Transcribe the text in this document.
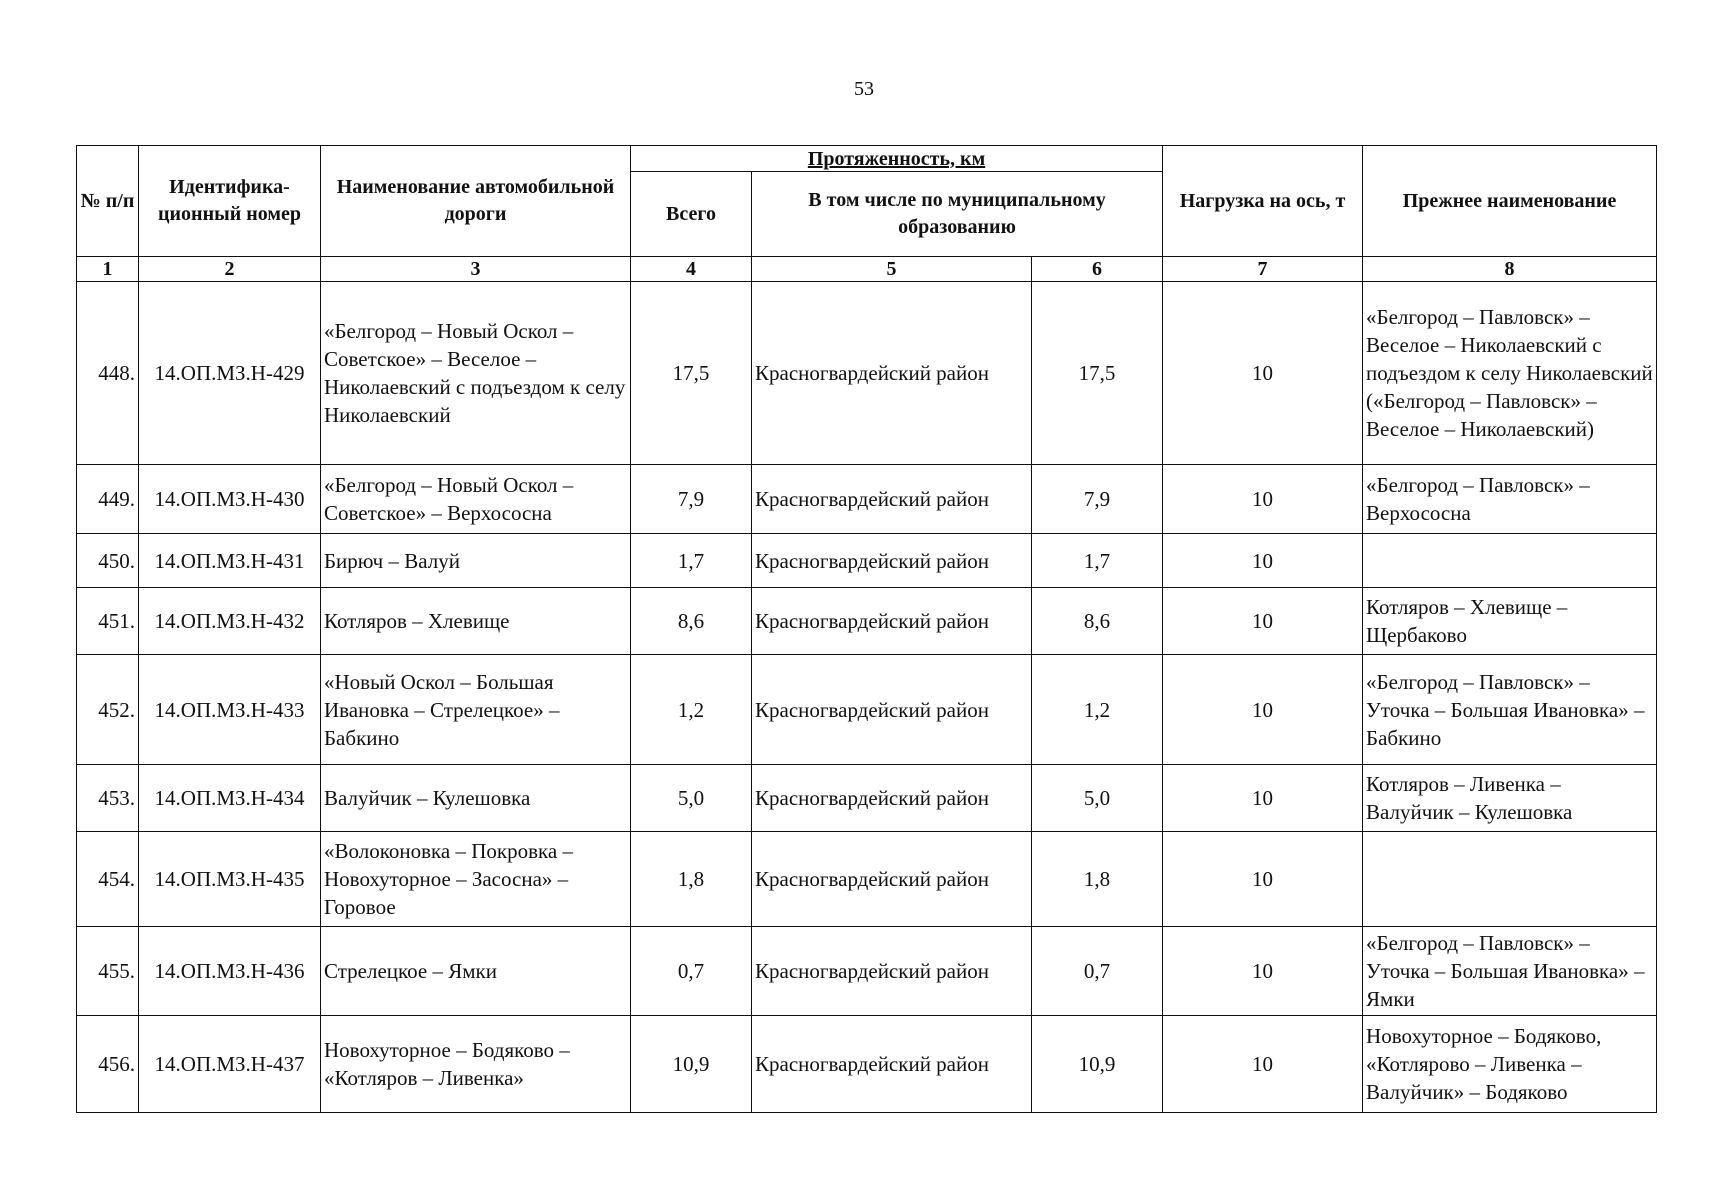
53
№ п/п	Идентифика-ционный номер	Наименование автомобильной дороги	Протяженность, км			Нагрузка на ось, т	Прежнее наименование
			Всего	В том числе по муниципальному образованию			
1	2	3	4	5	6	7	8
448.	14.ОП.МЗ.Н-429	«Белгород – Новый Оскол – Советское» – Веселое – Николаевский с подъездом к селу Николаевский	17,5	Красногвардейский район	17,5	10	«Белгород – Павловск» – Веселое – Николаевский с подъездом к селу Николаевский («Белгород – Павловск» – Веселое – Николаевский)
449.	14.ОП.МЗ.Н-430	«Белгород – Новый Оскол – Советское» – Верхососна	7,9	Красногвардейский район	7,9	10	«Белгород – Павловск» – Верхососна
450.	14.ОП.МЗ.Н-431	Бирюч – Валуй	1,7	Красногвардейский район	1,7	10	
451.	14.ОП.МЗ.Н-432	Котляров – Хлевище	8,6	Красногвардейский район	8,6	10	Котляров – Хлевище – Щербаково
452.	14.ОП.МЗ.Н-433	«Новый Оскол – Большая Ивановка – Стрелецкое» – Бабкино	1,2	Красногвардейский район	1,2	10	«Белгород – Павловск» – Уточка – Большая Ивановка» – Бабкино
453.	14.ОП.МЗ.Н-434	Валуйчик – Кулешовка	5,0	Красногвардейский район	5,0	10	Котляров – Ливенка – Валуйчик – Кулешовка
454.	14.ОП.МЗ.Н-435	«Волоконовка – Покровка – Новохуторное – Засосна» – Горовое	1,8	Красногвардейский район	1,8	10	
455.	14.ОП.МЗ.Н-436	Стрелецкое – Ямки	0,7	Красногвардейский район	0,7	10	«Белгород – Павловск» – Уточка – Большая Ивановка» – Ямки
456.	14.ОП.МЗ.Н-437	Новохуторное – Бодяково – «Котляров – Ливенка»	10,9	Красногвардейский район	10,9	10	Новохуторное – Бодяково, «Котлярово – Ливенка – Валуйчик» – Бодяково
